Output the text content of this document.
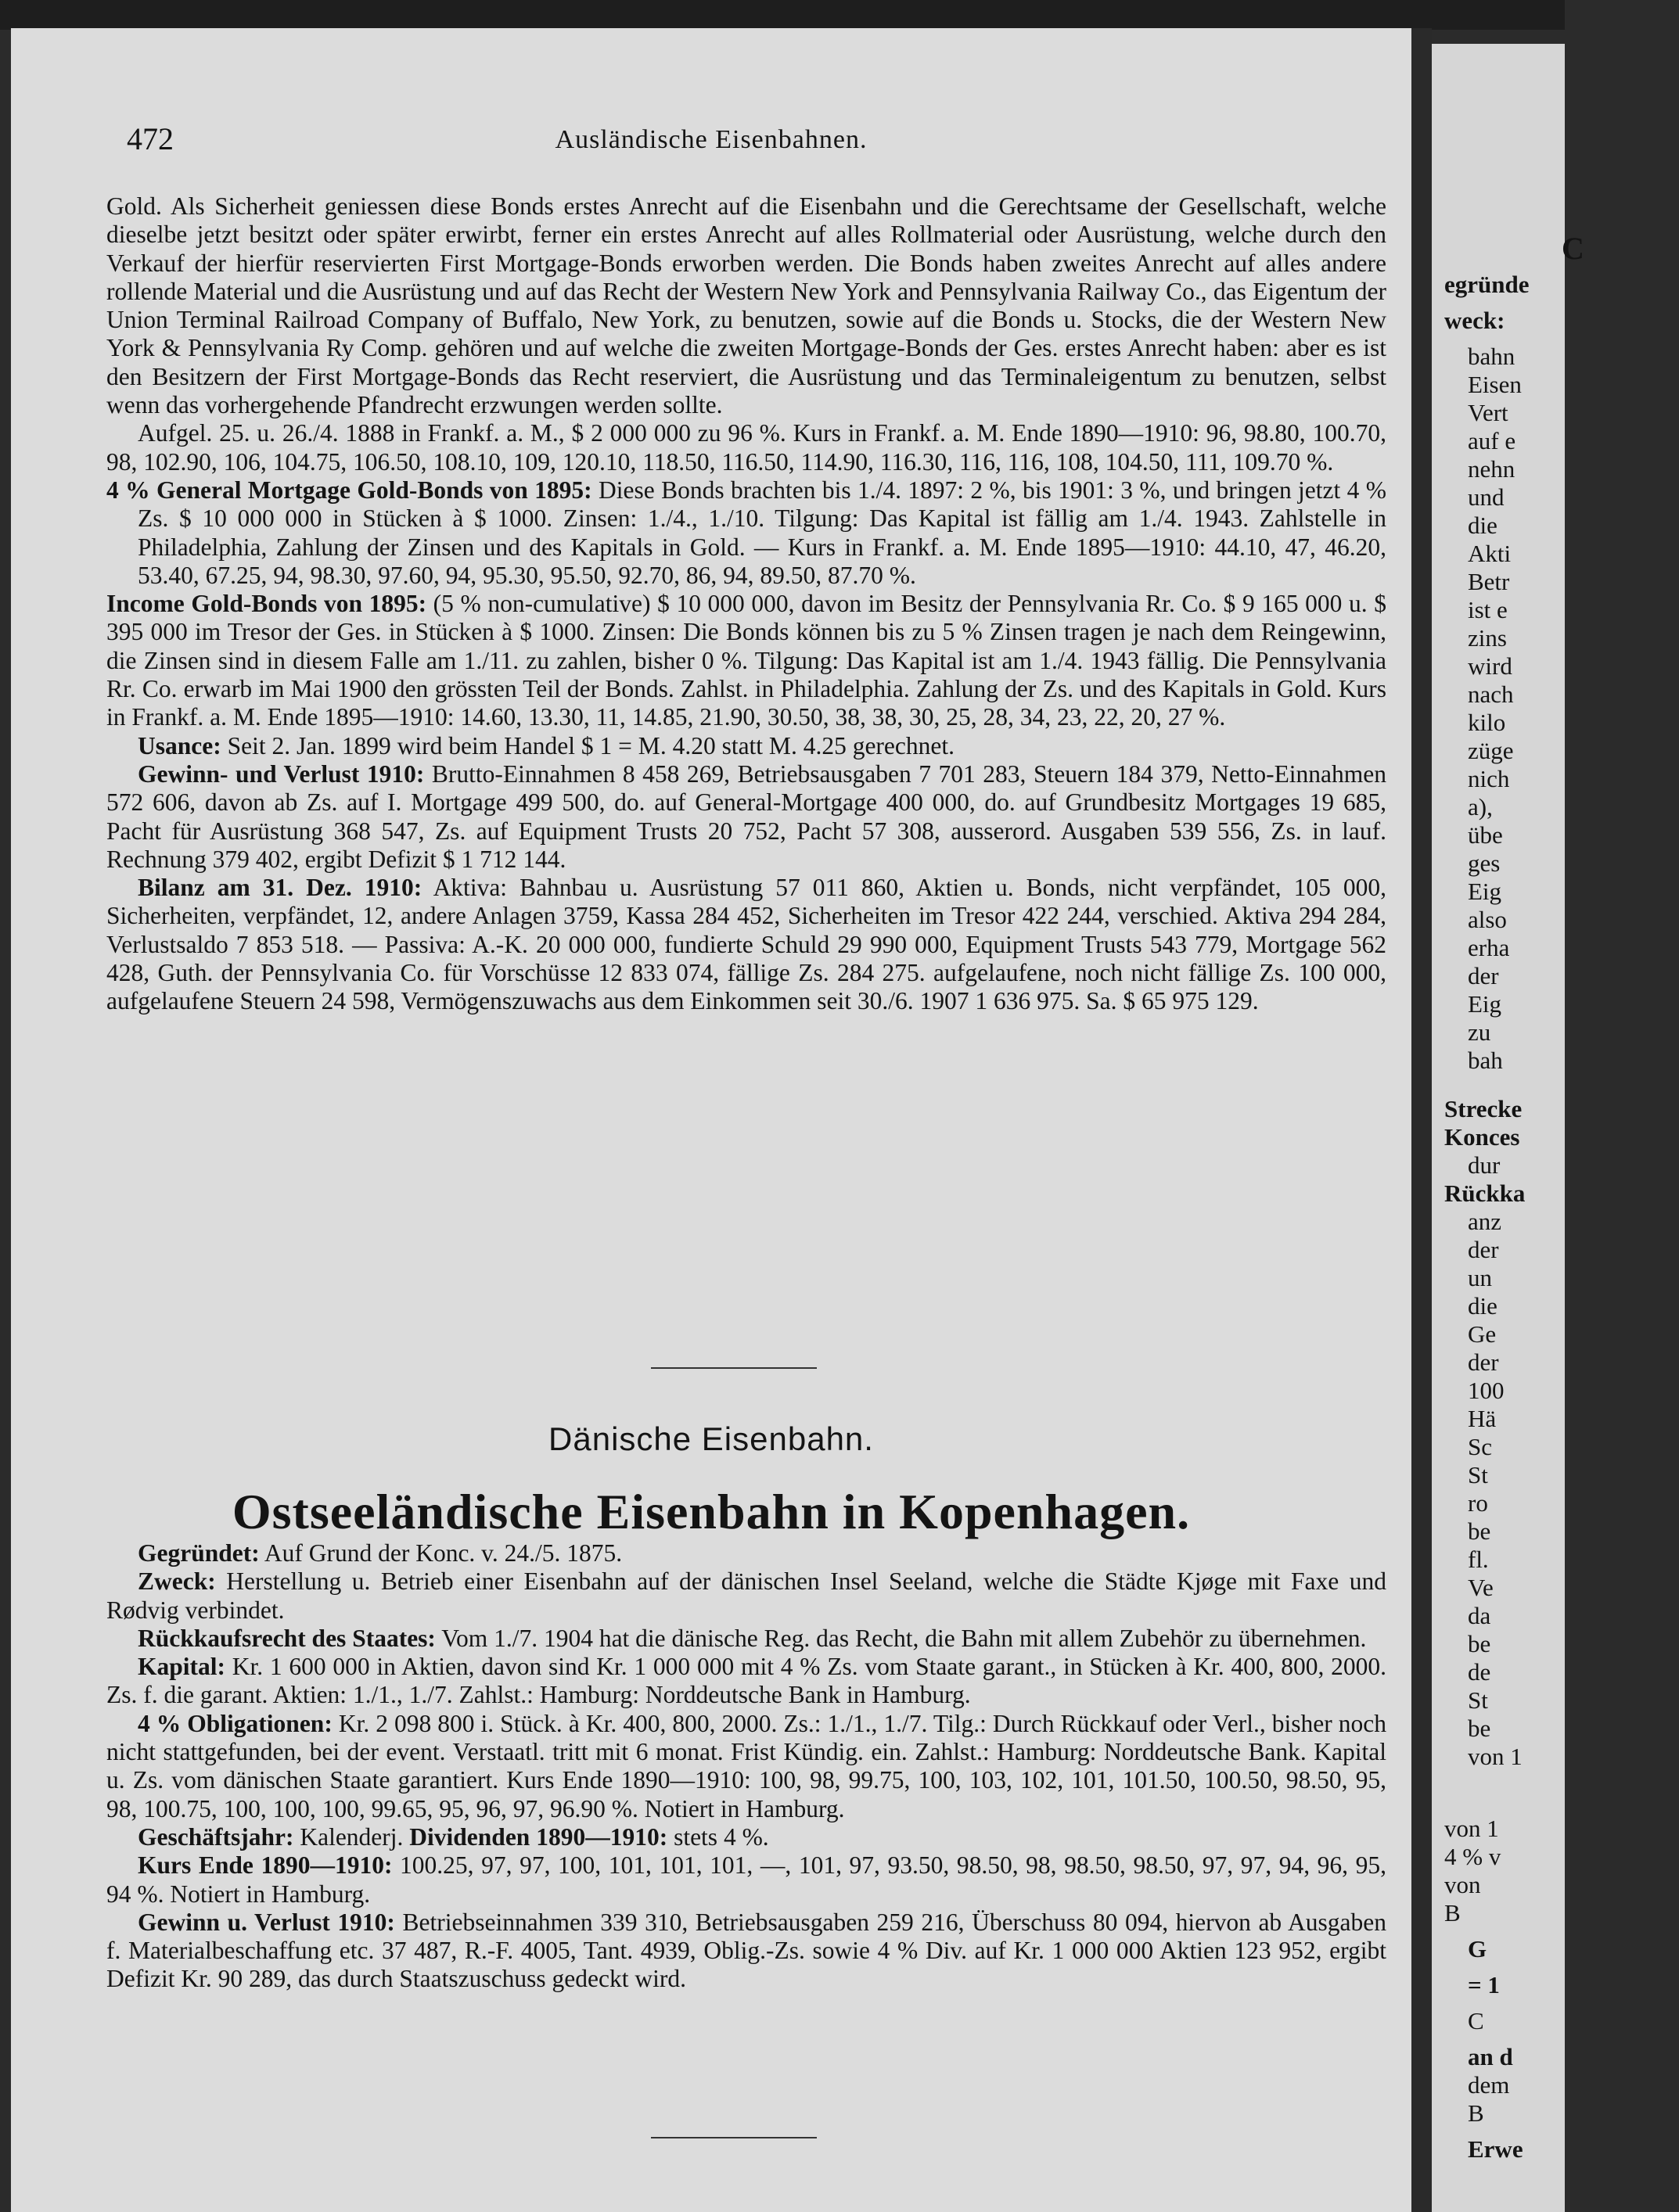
472	Ausländische Eisenbahnen.

Gold. Als Sicherheit geniessen diese Bonds erstes Anrecht auf die Eisenbahn und die Gerechtsame der Gesellschaft, welche dieselbe jetzt besitzt oder später erwirbt, ferner ein erstes Anrecht auf alles Rollmaterial oder Ausrüstung, welche durch den Verkauf der hierfür reservierten First Mortgage-Bonds erworben werden. Die Bonds haben zweites Anrecht auf alles andere rollende Material und die Ausrüstung und auf das Recht der Western New York and Pennsylvania Railway Co., das Eigentum der Union Terminal Railroad Company of Buffalo, New York, zu benutzen, sowie auf die Bonds u. Stocks, die der Western New York & Pennsylvania Ry Comp. gehören und auf welche die zweiten Mortgage-Bonds der Ges. erstes Anrecht haben: aber es ist den Besitzern der First Mortgage-Bonds das Recht reserviert, die Ausrüstung und das Terminaleigentum zu benutzen, selbst wenn das vorhergehende Pfandrecht erzwungen werden sollte.

Aufgel. 25. u. 26./4. 1888 in Frankf. a. M., $ 2 000 000 zu 96 %. Kurs in Frankf. a. M. Ende 1890—1910: 96, 98.80, 100.70, 98, 102.90, 106, 104.75, 106.50, 108.10, 109, 120.10, 118.50, 116.50, 114.90, 116.30, 116, 116, 108, 104.50, 111, 109.70 %.

4 % General Mortgage Gold-Bonds von 1895: Diese Bonds brachten bis 1./4. 1897: 2 %, bis 1901: 3 %, und bringen jetzt 4 % Zs. $ 10 000 000 in Stücken à $ 1000. Zinsen: 1./4., 1./10. Tilgung: Das Kapital ist fällig am 1./4. 1943. Zahlstelle in Philadelphia, Zahlung der Zinsen und des Kapitals in Gold. — Kurs in Frankf. a. M. Ende 1895—1910: 44.10, 47, 46.20, 53.40, 67.25, 94, 98.30, 97.60, 94, 95.30, 95.50, 92.70, 86, 94, 89.50, 87.70 %.

Income Gold-Bonds von 1895: (5 % non-cumulative) $ 10 000 000, davon im Besitz der Pennsylvania Rr. Co. $ 9 165 000 u. $ 395 000 im Tresor der Ges. in Stücken à $ 1000. Zinsen: Die Bonds können bis zu 5 % Zinsen tragen je nach dem Reingewinn, die Zinsen sind in diesem Falle am 1./11. zu zahlen, bisher 0 %. Tilgung: Das Kapital ist am 1./4. 1943 fällig. Die Pennsylvania Rr. Co. erwarb im Mai 1900 den grössten Teil der Bonds. Zahlst. in Philadelphia. Zahlung der Zs. und des Kapitals in Gold. Kurs in Frankf. a. M. Ende 1895—1910: 14.60, 13.30, 11, 14.85, 21.90, 30.50, 38, 38, 30, 25, 28, 34, 23, 22, 20, 27 %.

Usance: Seit 2. Jan. 1899 wird beim Handel $ 1 = M. 4.20 statt M. 4.25 gerechnet.

Gewinn- und Verlust 1910: Brutto-Einnahmen 8 458 269, Betriebsausgaben 7 701 283, Steuern 184 379, Netto-Einnahmen 572 606, davon ab Zs. auf I. Mortgage 499 500, do. auf General-Mortgage 400 000, do. auf Grundbesitz Mortgages 19 685, Pacht für Ausrüstung 368 547, Zs. auf Equipment Trusts 20 752, Pacht 57 308, ausserord. Ausgaben 539 556, Zs. in lauf. Rechnung 379 402, ergibt Defizit $ 1 712 144.

Bilanz am 31. Dez. 1910: Aktiva: Bahnbau u. Ausrüstung 57 011 860, Aktien u. Bonds, nicht verpfändet, 105 000, Sicherheiten, verpfändet, 12, andere Anlagen 3759, Kassa 284 452, Sicherheiten im Tresor 422 244, verschied. Aktiva 294 284, Verlustsaldo 7 853 518. — Passiva: A.-K. 20 000 000, fundierte Schuld 29 990 000, Equipment Trusts 543 779, Mortgage 562 428, Guth. der Pennsylvania Co. für Vorschüsse 12 833 074, fällige Zs. 284 275. aufgelaufene, noch nicht fällige Zs. 100 000, aufgelaufene Steuern 24 598, Vermögenszuwachs aus dem Einkommen seit 30./6. 1907 1 636 975. Sa. $ 65 975 129.

Dänische Eisenbahn.
Ostseeländische Eisenbahn in Kopenhagen.

Gegründet: Auf Grund der Konc. v. 24./5. 1875.

Zweck: Herstellung u. Betrieb einer Eisenbahn auf der dänischen Insel Seeland, welche die Städte Kjøge mit Faxe und Rødvig verbindet.

Rückkaufsrecht des Staates: Vom 1./7. 1904 hat die dänische Reg. das Recht, die Bahn mit allem Zubehör zu übernehmen.

Kapital: Kr. 1 600 000 in Aktien, davon sind Kr. 1 000 000 mit 4 % Zs. vom Staate garant., in Stücken à Kr. 400, 800, 2000. Zs. f. die garant. Aktien: 1./1., 1./7. Zahlst.: Hamburg: Norddeutsche Bank in Hamburg.

4 % Obligationen: Kr. 2 098 800 i. Stück. à Kr. 400, 800, 2000. Zs.: 1./1., 1./7. Tilg.: Durch Rückkauf oder Verl., bisher noch nicht stattgefunden, bei der event. Verstaatl. tritt mit 6 monat. Frist Kündig. ein. Zahlst.: Hamburg: Norddeutsche Bank. Kapital u. Zs. vom dänischen Staate garantiert. Kurs Ende 1890—1910: 100, 98, 99.75, 100, 103, 102, 101, 101.50, 100.50, 98.50, 95, 98, 100.75, 100, 100, 100, 99.65, 95, 96, 97, 96.90 %. Notiert in Hamburg.

Geschäftsjahr: Kalenderj. Dividenden 1890—1910: stets 4 %.

Kurs Ende 1890—1910: 100.25, 97, 97, 100, 101, 101, 101, —, 101, 97, 93.50, 98.50, 98, 98.50, 98.50, 97, 97, 94, 96, 95, 94 %. Notiert in Hamburg.

Gewinn u. Verlust 1910: Betriebseinnahmen 339 310, Betriebsausgaben 259 216, Überschuss 80 094, hiervon ab Ausgaben f. Materialbeschaffung etc. 37 487, R.-F. 4005, Tant. 4939, Oblig.-Zs. sowie 4 % Div. auf Kr. 1 000 000 Aktien 123 952, ergibt Defizit Kr. 90 289, das durch Staatszuschuss gedeckt wird.

C
egründe
weck:
bahn
Eisen
Vert
auf e
nehn
und
die
Akti
Betr
ist e
zins
wird
nach
kilo
züge
nich
a),
übe
ges
Eig
also
erha
der
Eig
zu
bah
Strecke
Konces
dur
Rückka
anz
der
un
die
Ge
der
100
Hä
Sc
St
ro
be
fl.
Ve
da
be
de
St
be
von 1
von 1
4 % v
von
B
G
= 1
C
an d
dem
B
Erwe
